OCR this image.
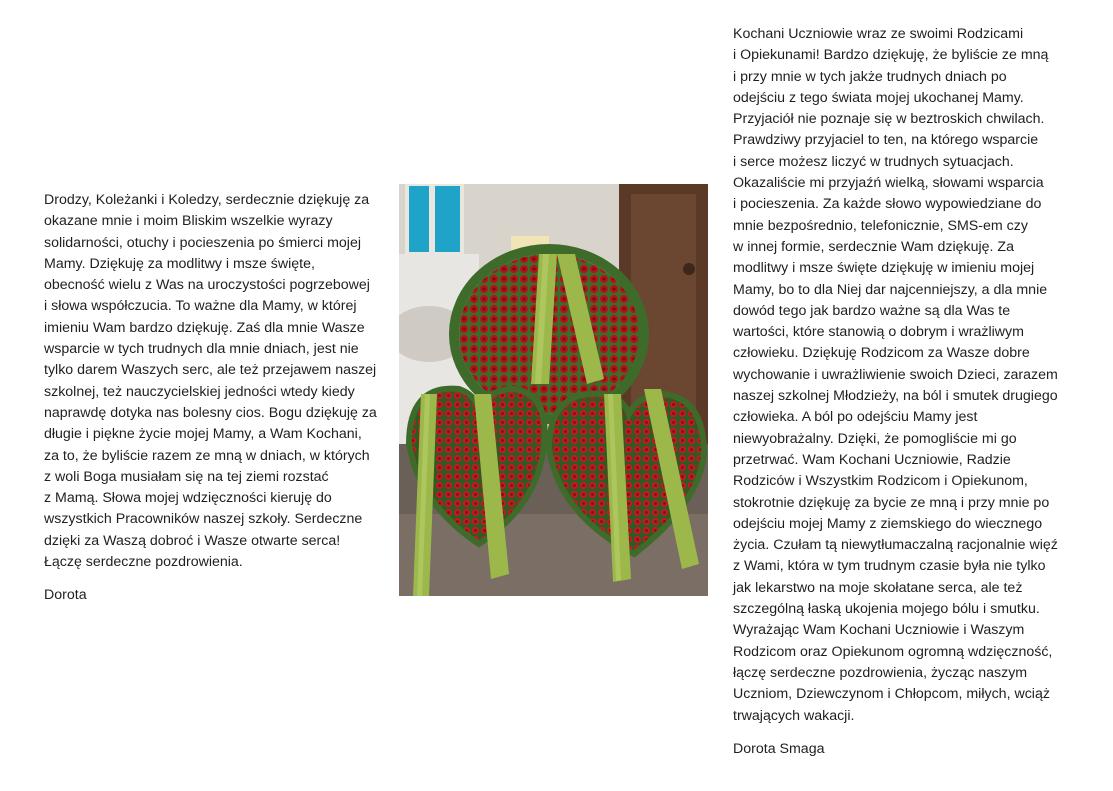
Drodzy, Koleżanki i Koledzy, serdecznie dziękuję za
okazane mnie i moim Bliskim wszelkie wyrazy
solidarności, otuchy i pocieszenia po śmierci mojej
Mamy. Dziękuję za modlitwy i msze święte,
obecność wielu z Was na uroczystości pogrzebowej
i słowa współczucia. To ważne dla Mamy, w której
imieniu Wam bardzo dziękuję. Zaś dla mnie Wasze
wsparcie w tych trudnych dla mnie dniach, jest nie
tylko darem Waszych serc, ale też przejawem naszej
szkolnej, też nauczycielskiej jedności wtedy kiedy
naprawdę dotyka nas bolesny cios. Bogu dziękuję za
długie i piękne życie mojej Mamy, a Wam Kochani,
za to, że byliście razem ze mną w dniach, w których
z woli Boga musiałam się na tej ziemi rozstać
z Mamą. Słowa mojej wdzięczności kieruję do
wszystkich Pracowników naszej szkoły. Serdeczne
dzięki za Waszą dobroć i Wasze otwarte serca!
Łączę serdeczne pozdrowienia.

Dorota

Kochani Uczniowie wraz ze swoimi Rodzicami
i Opiekunami! Bardzo dziękuję, że byliście ze mną
i przy mnie w tych jakże trudnych dniach po
odejściu z tego świata mojej ukochanej Mamy.
Przyjaciół nie poznaje się w beztroskich chwilach.
Prawdziwy przyjaciel to ten, na którego wsparcie
i serce możesz liczyć w trudnych sytuacjach.
Okazaliście mi przyjaźń wielką, słowami wsparcia
i pocieszenia. Za każde słowo wypowiedziane do
mnie bezpośrednio, telefonicznie, SMS-em czy
w innej formie, serdecznie Wam dziękuję. Za
modlitwy i msze święte dziękuję w imieniu mojej
Mamy, bo to dla Niej dar najcenniejszy, a dla mnie
dowód tego jak bardzo ważne są dla Was te
wartości, które stanowią o dobrym i wrażliwym
człowieku. Dziękuję Rodzicom za Wasze dobre
wychowanie i uwrażliwienie swoich Dzieci, zarazem
naszej szkolnej Młodzieży, na ból i smutek drugiego
człowieka. A ból po odejściu Mamy jest
niewyobrażalny. Dzięki, że pomogliście mi go
przetrwać. Wam Kochani Uczniowie, Radzie
Rodziców i Wszystkim Rodzicom i Opiekunom,
stokrotnie dziękuję za bycie ze mną i przy mnie po
odejściu mojej Mamy z ziemskiego do wiecznego
życia. Czułam tą niewytłumaczalną racjonalnie więź
z Wami, która w tym trudnym czasie była nie tylko
jak lekarstwo na moje skołatane serca, ale też
szczególną łaską ukojenia mojego bólu i smutku.
Wyrażając Wam Kochani Uczniowie i Waszym
Rodzicom oraz Opiekunom ogromną wdzięczność,
łączę serdeczne pozdrowienia, życząc naszym
Uczniom, Dziewczynom i Chłopcom, miłych, wciąż
trwających wakacji.

Dorota Smaga
